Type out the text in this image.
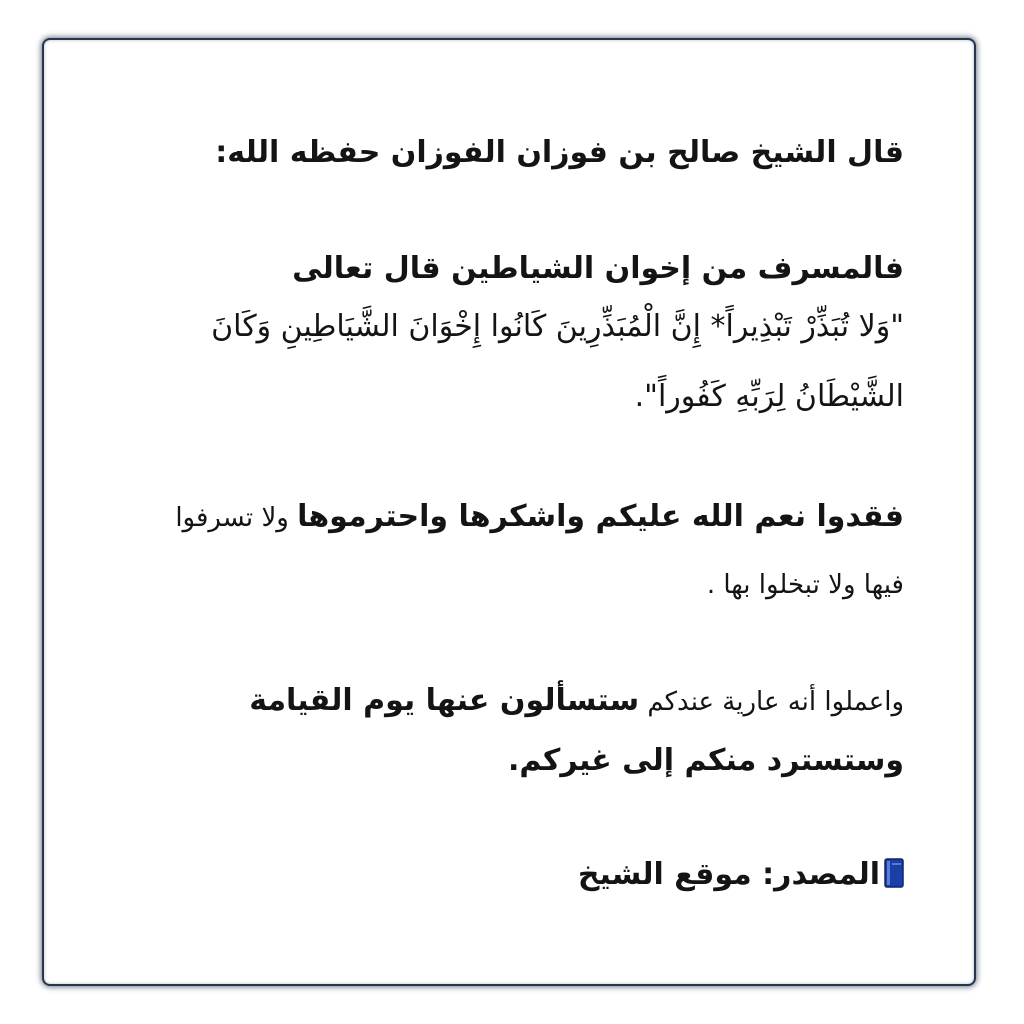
قال الشيخ صالح بن فوزان الفوزان حفظه الله:
فالمسرف من إخوان الشياطين قال تعالى
"وَلا تُبَذِّرْ تَبْذِيراً* إِنَّ الْمُبَذِّرِينَ كَانُوا إِخْوَانَ الشَّيَاطِينِ وَكَانَ
الشَّيْطَانُ لِرَبِّهِ كَفُوراً".
فقدوا نعم الله عليكم واشكرها واحترموها ولا تسرفوا
فيها ولا تبخلوا بها .
واعملوا أنه عارية عندكم ستسألون عنها يوم القيامة
وستسترد منكم إلى غيركم.
المصدر: موقع الشيخ
